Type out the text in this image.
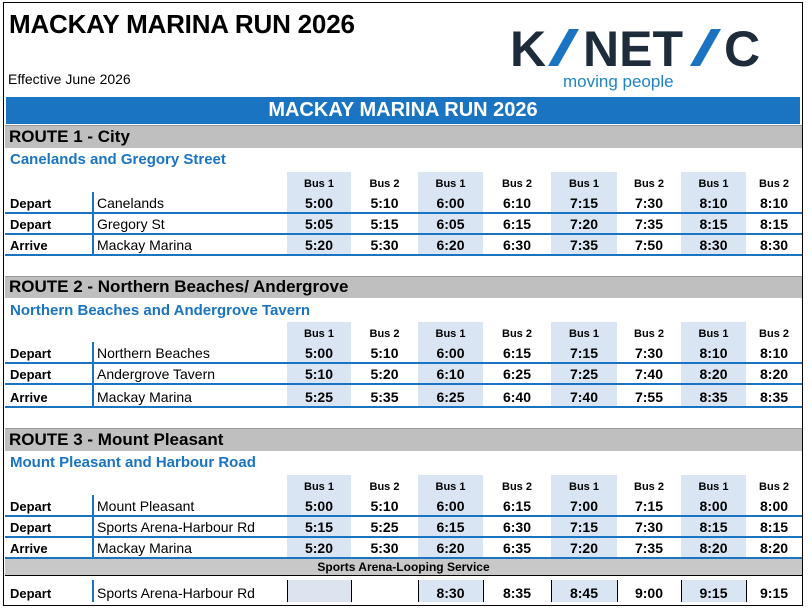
MACKAY MARINA RUN 2026
Effective June 2026
K NET C
moving people
MACKAY MARINA RUN 2026
ROUTE 1 - City									
Canelands and Gregory Street									
		Bus 1	Bus 2	Bus 1	Bus 2	Bus 1	Bus 2	Bus 1	Bus 2
Depart	Canelands	5:00	5:10	6:00	6:10	7:15	7:30	8:10	8:10
Depart	Gregory St	5:05	5:15	6:05	6:15	7:20	7:35	8:15	8:15
Arrive	Mackay Marina	5:20	5:30	6:20	6:30	7:35	7:50	8:30	8:30

ROUTE 2 - Northern Beaches/ Andergrove									
Northern Beaches and Andergrove Tavern									
		Bus 1	Bus 2	Bus 1	Bus 2	Bus 1	Bus 2	Bus 1	Bus 2
Depart	Northern Beaches	5:00	5:10	6:00	6:15	7:15	7:30	8:10	8:10
Depart	Andergrove Tavern	5:10	5:20	6:10	6:25	7:25	7:40	8:20	8:20
Arrive	Mackay Marina	5:25	5:35	6:25	6:40	7:40	7:55	8:35	8:35

ROUTE 3 - Mount Pleasant									
Mount Pleasant and Harbour Road									
		Bus 1	Bus 2	Bus 1	Bus 2	Bus 1	Bus 2	Bus 1	Bus 2
Depart	Mount Pleasant	5:00	5:10	6:00	6:15	7:00	7:15	8:00	8:00
Depart	Sports Arena-Harbour Rd	5:15	5:25	6:15	6:30	7:15	7:30	8:15	8:15
Arrive	Mackay Marina	5:20	5:30	6:20	6:35	7:20	7:35	8:20	8:20
Sports Arena-Looping Service									

Depart	Sports Arena-Harbour Rd			8:30	8:35	8:45	9:00	9:15	9:15
